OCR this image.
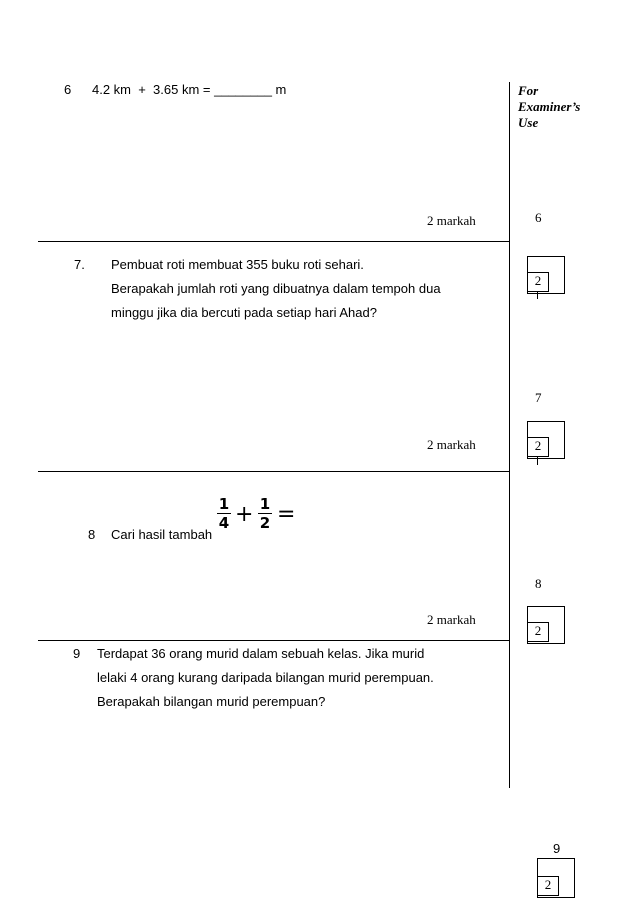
For
Examiner’s
Use
6 4.2 km  +  3.65 km = ________ m
2 markah	6
2
7. Pembuat roti membuat 355 buku roti sehari.
Berapakah jumlah roti yang dibuatnya dalam tempoh dua
minggu jika dia bercuti pada setiap hari Ahad?
7
2 markah	2
8 Cari hasil tambah
1
4 + 1
2 =
8
2 markah
2
9 Terdapat 36 orang murid dalam sebuah kelas. Jika murid
lelaki 4 orang kurang daripada bilangan murid perempuan.
Berapakah bilangan murid perempuan?
9
2
